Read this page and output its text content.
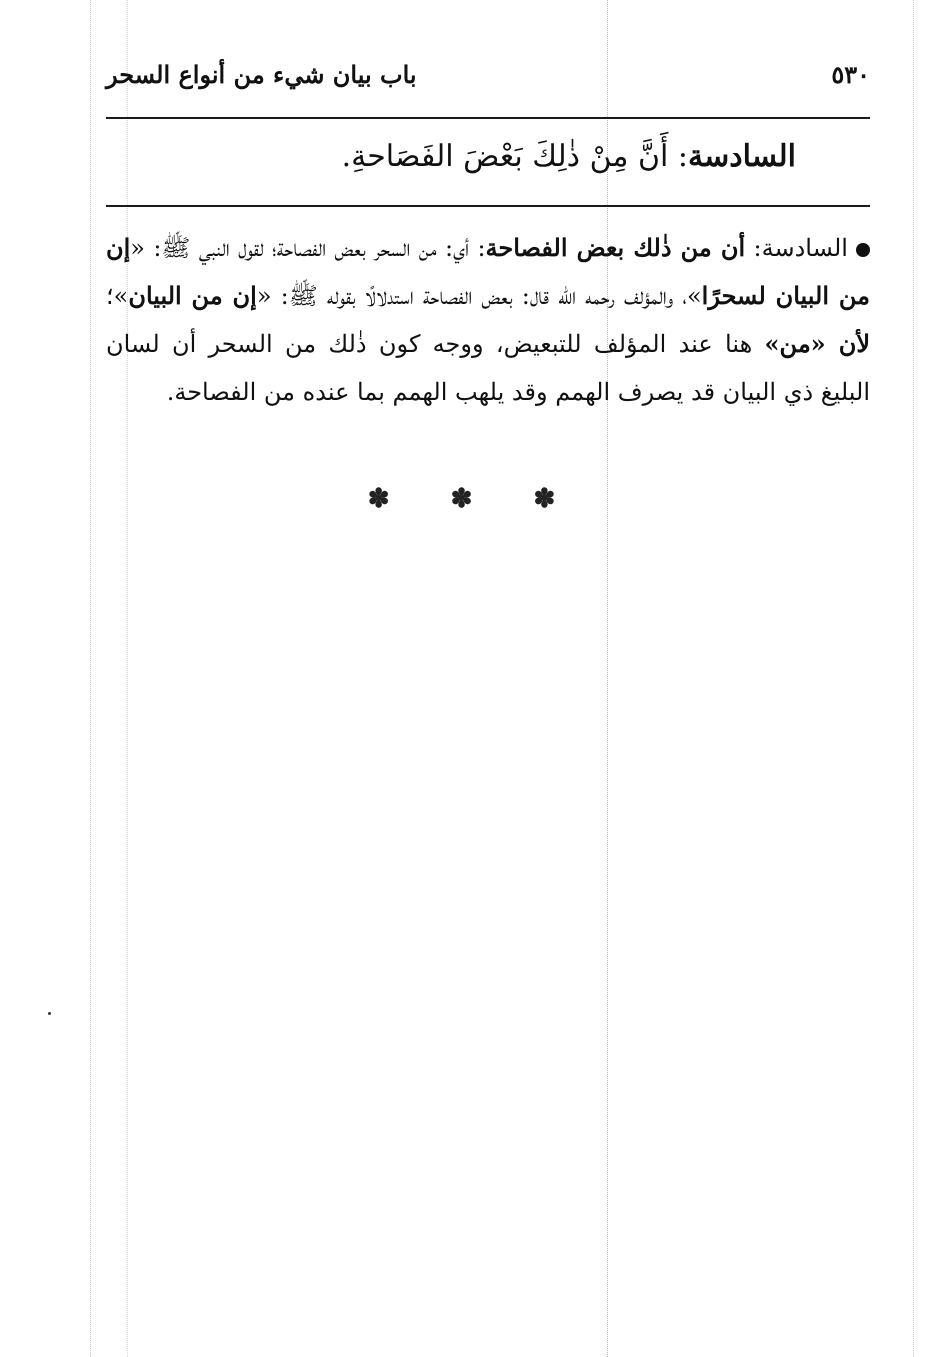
٥٣٠
باب بيان شيء من أنواع السحر
السادسة: أَنَّ مِنْ ذٰلِكَ بَعْضَ الفَصَاحةِ.
السادسة: أن من ذٰلك بعض الفصاحة: أي: من السحر بعض الفصاحة؛ لقول النبي ﷺ: «إن من البيان لسحرًا»، والمؤلف رحمه الله قال: بعض الفصاحة استدلالًا بقوله ﷺ: «إن من البيان»؛ لأن «من» هنا عند المؤلف للتبعيض، ووجه كون ذٰلك من السحر أن لسان البليغ ذي البيان قد يصرف الهمم وقد يلهب الهمم بما عنده من الفصاحة.
✽ ✽ ✽
